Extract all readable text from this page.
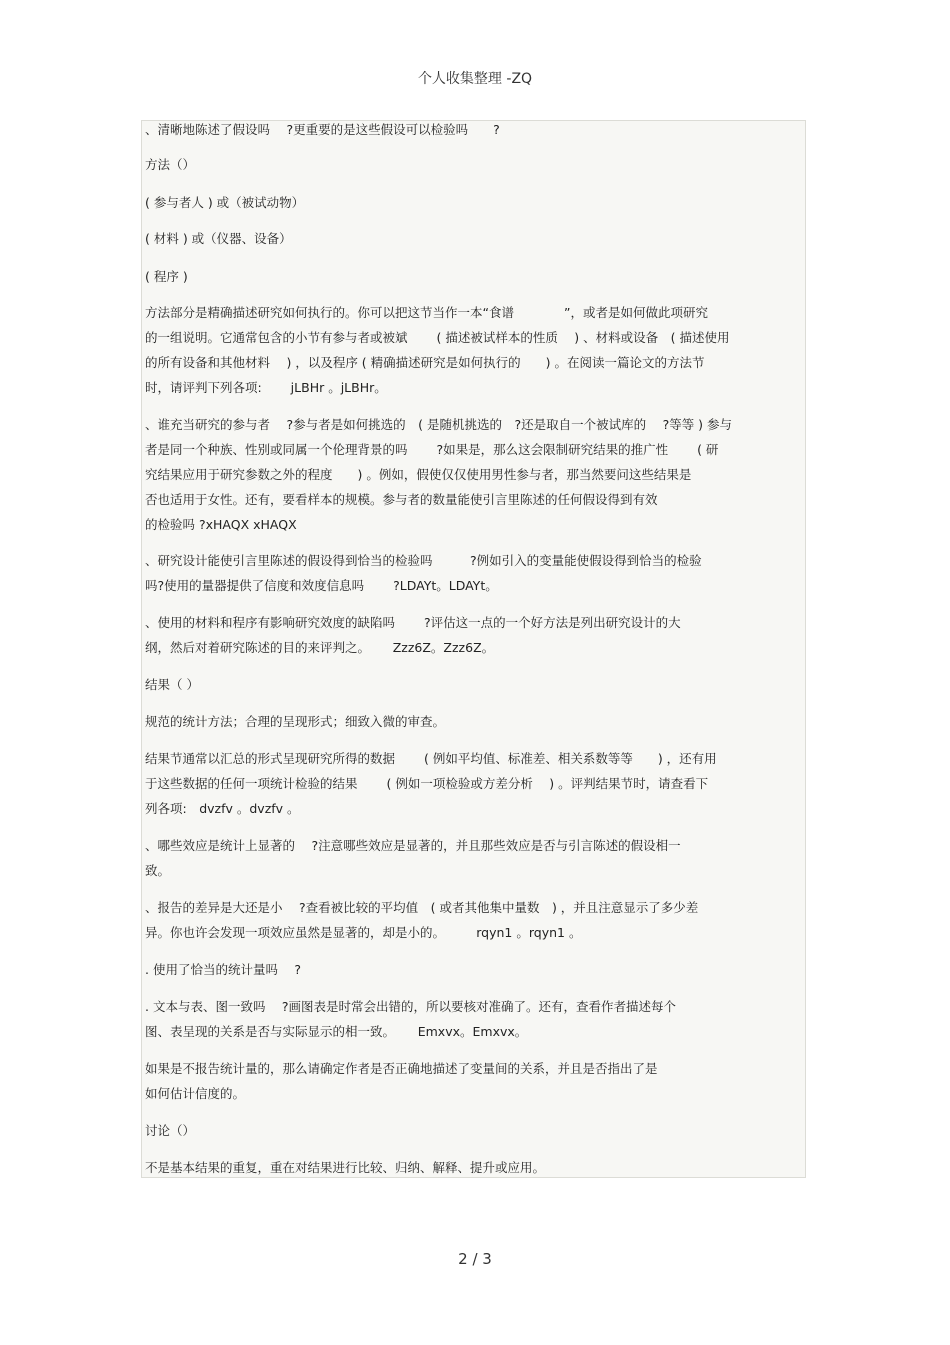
个人收集整理 -ZQ
、清晰地陈述了假设吗　 ?更重要的是这些假设可以检验吗　　?
方法（）
( 参与者人 ) 或（被试动物）
( 材料 ) 或（仪器、设备）
( 程序 )
方法部分是精确描述研究如何执行的。你可以把这节当作一本“食谱　　　　”，或者是如何做此项研究
的一组说明。它通常包含的小节有参与者或被斌　　 ( 描述被试样本的性质　 ) 、材料或设备　( 描述使用
的所有设备和其他材料　 ) ，以及程序 ( 精确描述研究是如何执行的　　) 。在阅读一篇论文的方法节
时，请评判下列各项:　　 jLBHr 。jLBHr。
、谁充当研究的参与者　 ?参与者是如何挑选的　( 是随机挑选的　?还是取自一个被试库的　 ?等等 ) 参与
者是同一个种族、性别或同属一个伦理背景的吗　　 ?如果是，那么这会限制研究结果的推广性　　 ( 研
究结果应用于研究参数之外的程度　　) 。例如，假使仅仅使用男性参与者，那当然要问这些结果是
否也适用于女性。还有，要看样本的规模。参与者的数量能使引言里陈述的任何假设得到有效
的检验吗 ?xHAQX xHAQX
、研究设计能使引言里陈述的假设得到恰当的检验吗　　　?例如引入的变量能使假设得到恰当的检验
吗?使用的量器提供了信度和效度信息吗　　 ?LDAYt。LDAYt。
、使用的材料和程序有影响研究效度的缺陷吗　　 ?评估这一点的一个好方法是列出研究设计的大
纲，然后对着研究陈述的目的来评判之。　　 Zzz6Z。Zzz6Z。
结果（ ）
规范的统计方法；合理的呈现形式；细致入微的审查。
结果节通常以汇总的形式呈现研究所得的数据　　 ( 例如平均值、标准差、相关系数等等　　) ，还有用
于这些数据的任何一项统计检验的结果　　 ( 例如一项检验或方差分析　 ) 。评判结果节时，请查看下
列各项:　dvzfv 。dvzfv 。
、哪些效应是统计上显著的　 ?注意哪些效应是显著的，并且那些效应是否与引言陈述的假设相一
致。
、报告的差异是大还是小　 ?查看被比较的平均值　( 或者其他集中量数　) ，并且注意显示了多少差
异。你也许会发现一项效应虽然是显著的，却是小的。　　　rqyn1 。rqyn1 。
. 使用了恰当的统计量吗　 ?
. 文本与表、图一致吗　 ?画图表是时常会出错的，所以要核对准确了。还有，查看作者描述每个
图、表呈现的关系是否与实际显示的相一致。　　 Emxvx。Emxvx。
如果是不报告统计量的，那么请确定作者是否正确地描述了变量间的关系，并且是否指出了是
如何估计信度的。
讨论（）
不是基本结果的重复，重在对结果进行比较、归纳、解释、提升或应用。
2 / 3
